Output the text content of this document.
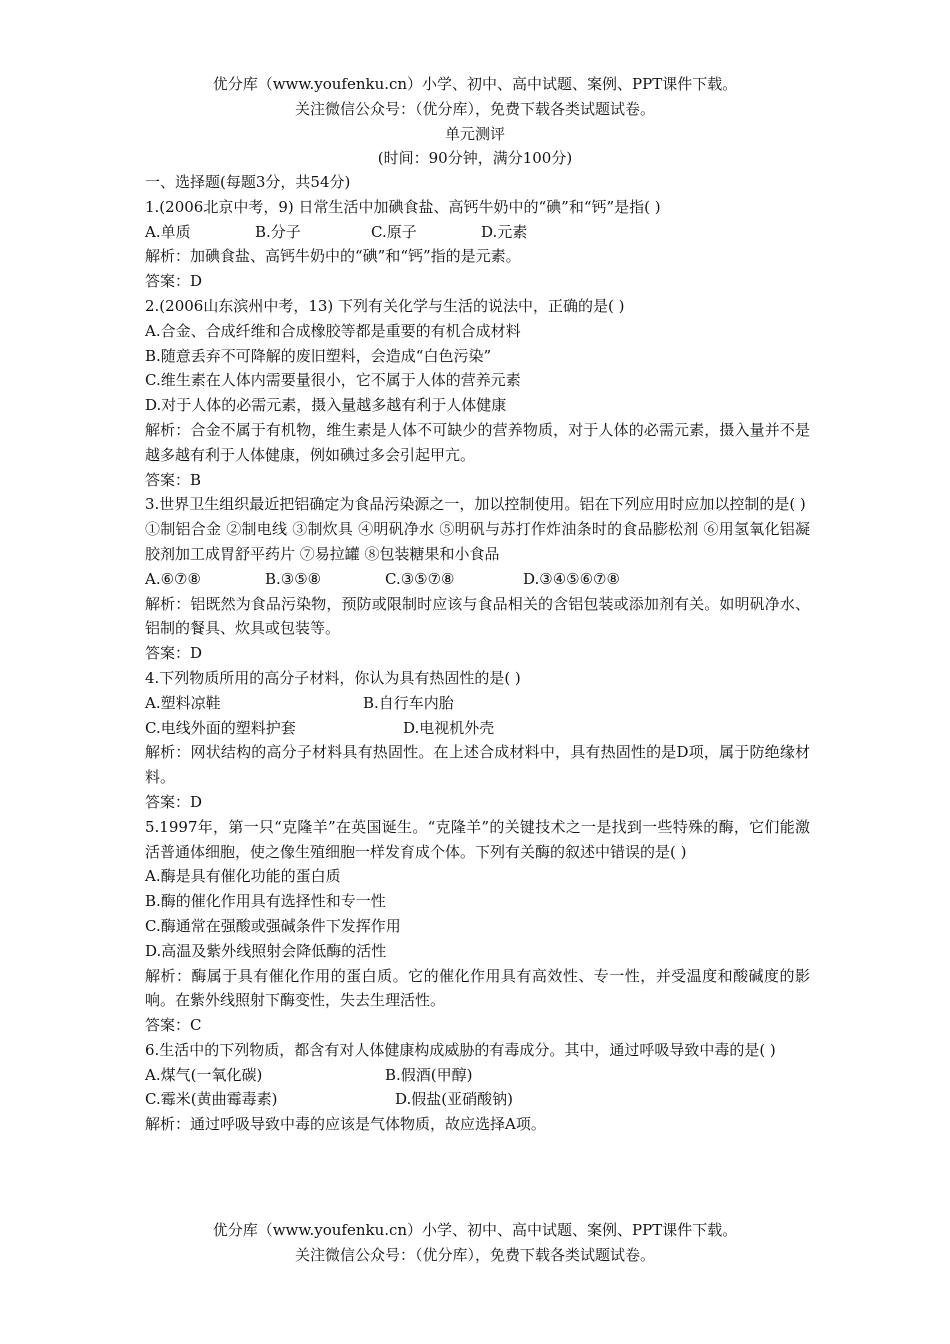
优分库（www.youfenku.cn）小学、初中、高中试题、案例、PPT课件下载。
关注微信公众号：（优分库），免费下载各类试题试卷。
单元测评
(时间：90分钟，满分100分)

一、选择题(每题3分，共54分)

1.(2006北京中考，9) 日常生活中加碘食盐、高钙牛奶中的“碘”和“钙”是指( )

A.单质	B.分子	C.原子	D.元素

解析：加碘食盐、高钙牛奶中的“碘”和“钙”指的是元素。

答案：D

2.(2006山东滨州中考，13) 下列有关化学与生活的说法中，正确的是( )

A.合金、合成纤维和合成橡胶等都是重要的有机合成材料

B.随意丢弃不可降解的废旧塑料，会造成“白色污染”

C.维生素在人体内需要量很小，它不属于人体的营养元素

D.对于人体的必需元素，摄入量越多越有利于人体健康

解析：合金不属于有机物，维生素是人体不可缺少的营养物质，对于人体的必需元素，摄入量并不是越多越有利于人体健康，例如碘过多会引起甲亢。

答案：B

3.世界卫生组织最近把铝确定为食品污染源之一，加以控制使用。铝在下列应用时应加以控制的是( )

①制铝合金 ②制电线 ③制炊具 ④明矾净水 ⑤明矾与苏打作炸油条时的食品膨松剂 ⑥用氢氧化铝凝胶剂加工成胃舒平药片 ⑦易拉罐 ⑧包装糖果和小食品

A.⑥⑦⑧	B.③⑤⑧	C.③⑤⑦⑧	D.③④⑤⑥⑦⑧

解析：铝既然为食品污染物，预防或限制时应该与食品相关的含铝包装或添加剂有关。如明矾净水、铝制的餐具、炊具或包装等。

答案：D

4.下列物质所用的高分子材料，你认为具有热固性的是( )

A.塑料凉鞋	B.自行车内胎
C.电线外面的塑料护套	D.电视机外壳

解析：网状结构的高分子材料具有热固性。在上述合成材料中，具有热固性的是D项，属于防绝缘材料。

答案：D

5.1997年，第一只“克隆羊”在英国诞生。“克隆羊”的关键技术之一是找到一些特殊的酶，它们能激活普通体细胞，使之像生殖细胞一样发育成个体。下列有关酶的叙述中错误的是( )

A.酶是具有催化功能的蛋白质

B.酶的催化作用具有选择性和专一性

C.酶通常在强酸或强碱条件下发挥作用

D.高温及紫外线照射会降低酶的活性

解析：酶属于具有催化作用的蛋白质。它的催化作用具有高效性、专一性，并受温度和酸碱度的影响。在紫外线照射下酶变性，失去生理活性。

答案：C

6.生活中的下列物质，都含有对人体健康构成威胁的有毒成分。其中，通过呼吸导致中毒的是( )

A.煤气(一氧化碳)	B.假酒(甲醇)
C.霉米(黄曲霉毒素)	D.假盐(亚硝酸钠)

解析：通过呼吸导致中毒的应该是气体物质，故应选择A项。

优分库（www.youfenku.cn）小学、初中、高中试题、案例、PPT课件下载。
关注微信公众号：（优分库），免费下载各类试题试卷。
